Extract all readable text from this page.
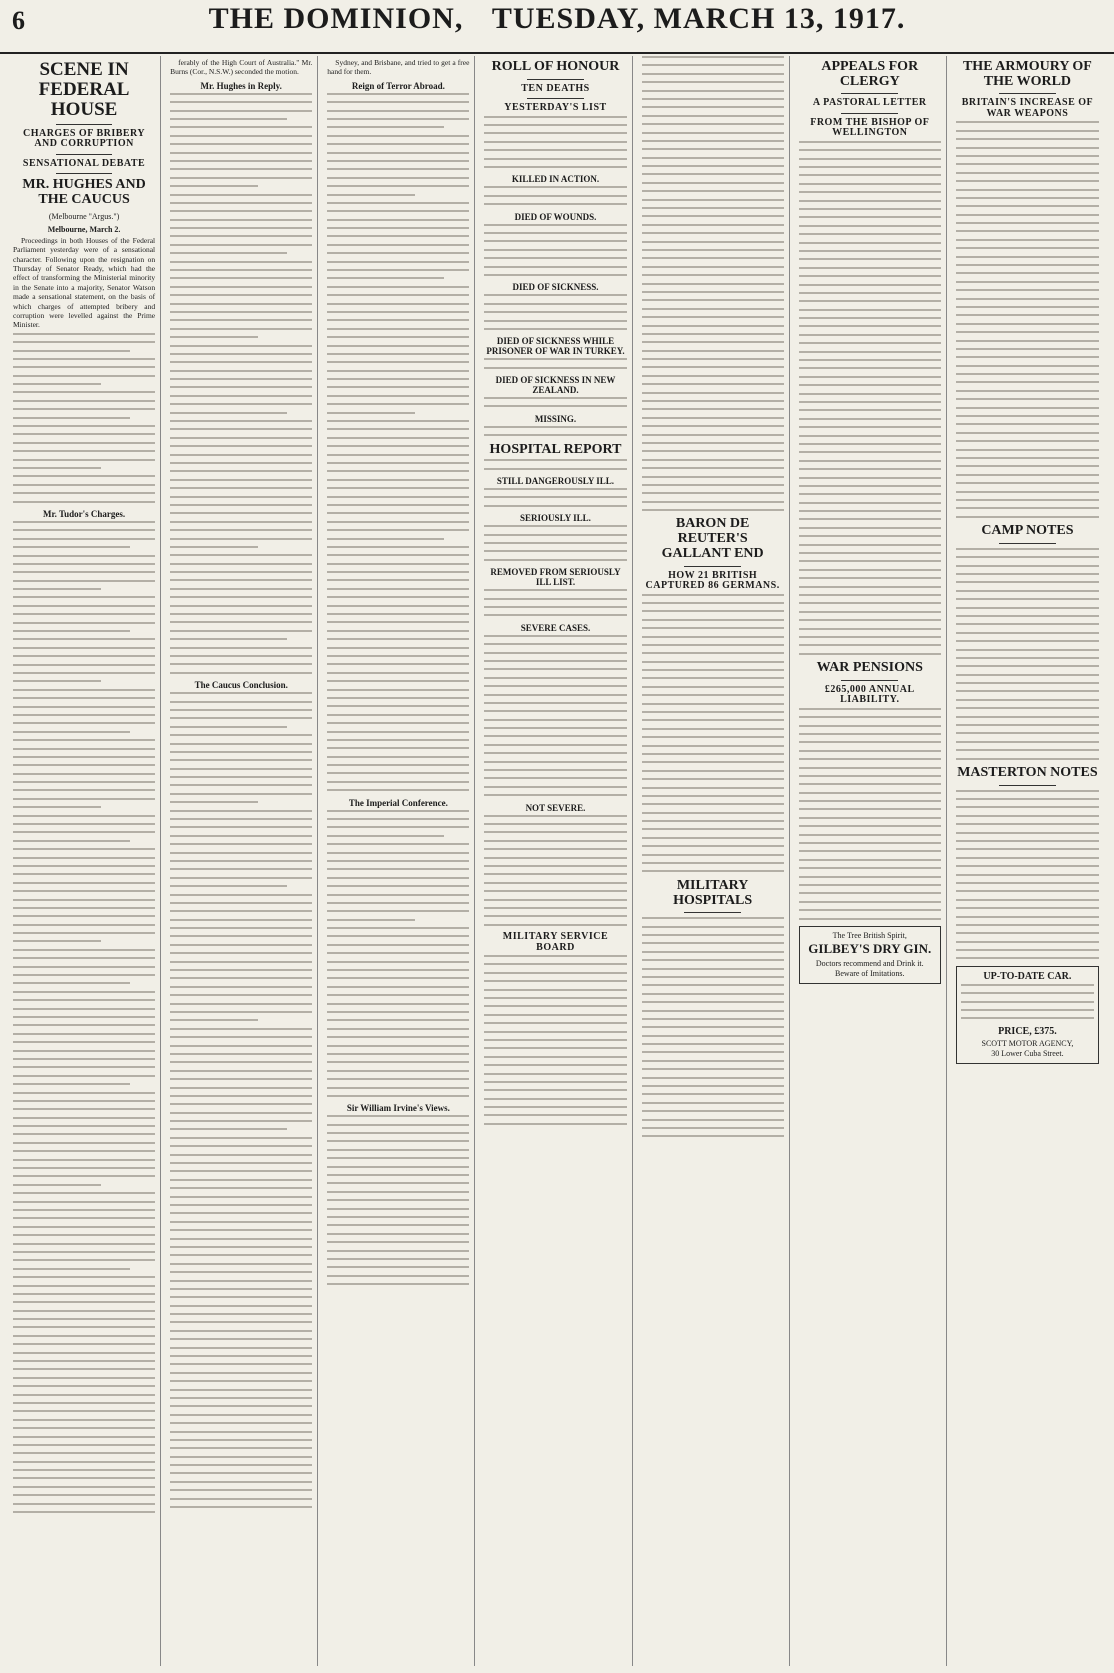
6	THE DOMINION, TUESDAY, MARCH 13, 1917.
SCENE IN FEDERAL HOUSE
CHARGES OF BRIBERY AND CORRUPTION
SENSATIONAL DEBATE
MR. HUGHES AND THE CAUCUS
(Melbourne "Argus.")
Melbourne, March 2.
Proceedings in both Houses of the Federal Parliament yesterday were of a sensational character. Following upon the resignation on Thursday of Senator Ready, which had the effect of transforming the Ministerial minority in the Senate into a majority, Senator Watson made a sensational statement, on the basis of which charges of attempted bribery and corruption were levelled against the Prime Minister.
Mr. Tudor's Charges.
ferably of the High Court of Australia." Mr. Burns (Cor., N.S.W.) seconded the motion.
Mr. Hughes in Reply.
The Caucus Conclusion.
Sydney, and Brisbane, and tried to get a free hand for them.
Reign of Terror Abroad.
The Imperial Conference.
Sir William Irvine's Views.
ROLL OF HONOUR
TEN DEATHS
YESTERDAY'S LIST
KILLED IN ACTION.
DIED OF WOUNDS.
DIED OF SICKNESS.
DIED OF SICKNESS WHILE PRISONER OF WAR IN TURKEY.
DIED OF SICKNESS IN NEW ZEALAND.
MISSING.
HOSPITAL REPORT
STILL DANGEROUSLY ILL.
SERIOUSLY ILL.
REMOVED FROM SERIOUSLY ILL LIST.
SEVERE CASES.
NOT SEVERE.
MILITARY SERVICE BOARD
BARON DE REUTER'S GALLANT END
HOW 21 BRITISH CAPTURED 86 GERMANS.
MILITARY HOSPITALS
APPEALS FOR CLERGY
A PASTORAL LETTER
FROM THE BISHOP OF WELLINGTON
WAR PENSIONS
£265,000 ANNUAL LIABILITY.
The Tree British Spirit,
GILBEY'S DRY GIN.
Doctors recommend and Drink it.
Beware of Imitations.
THE ARMOURY OF THE WORLD
BRITAIN'S INCREASE OF WAR WEAPONS
CAMP NOTES
MASTERTON NOTES
UP-TO-DATE CAR.
PRICE, £375.
SCOTT MOTOR AGENCY,
30 Lower Cuba Street.
